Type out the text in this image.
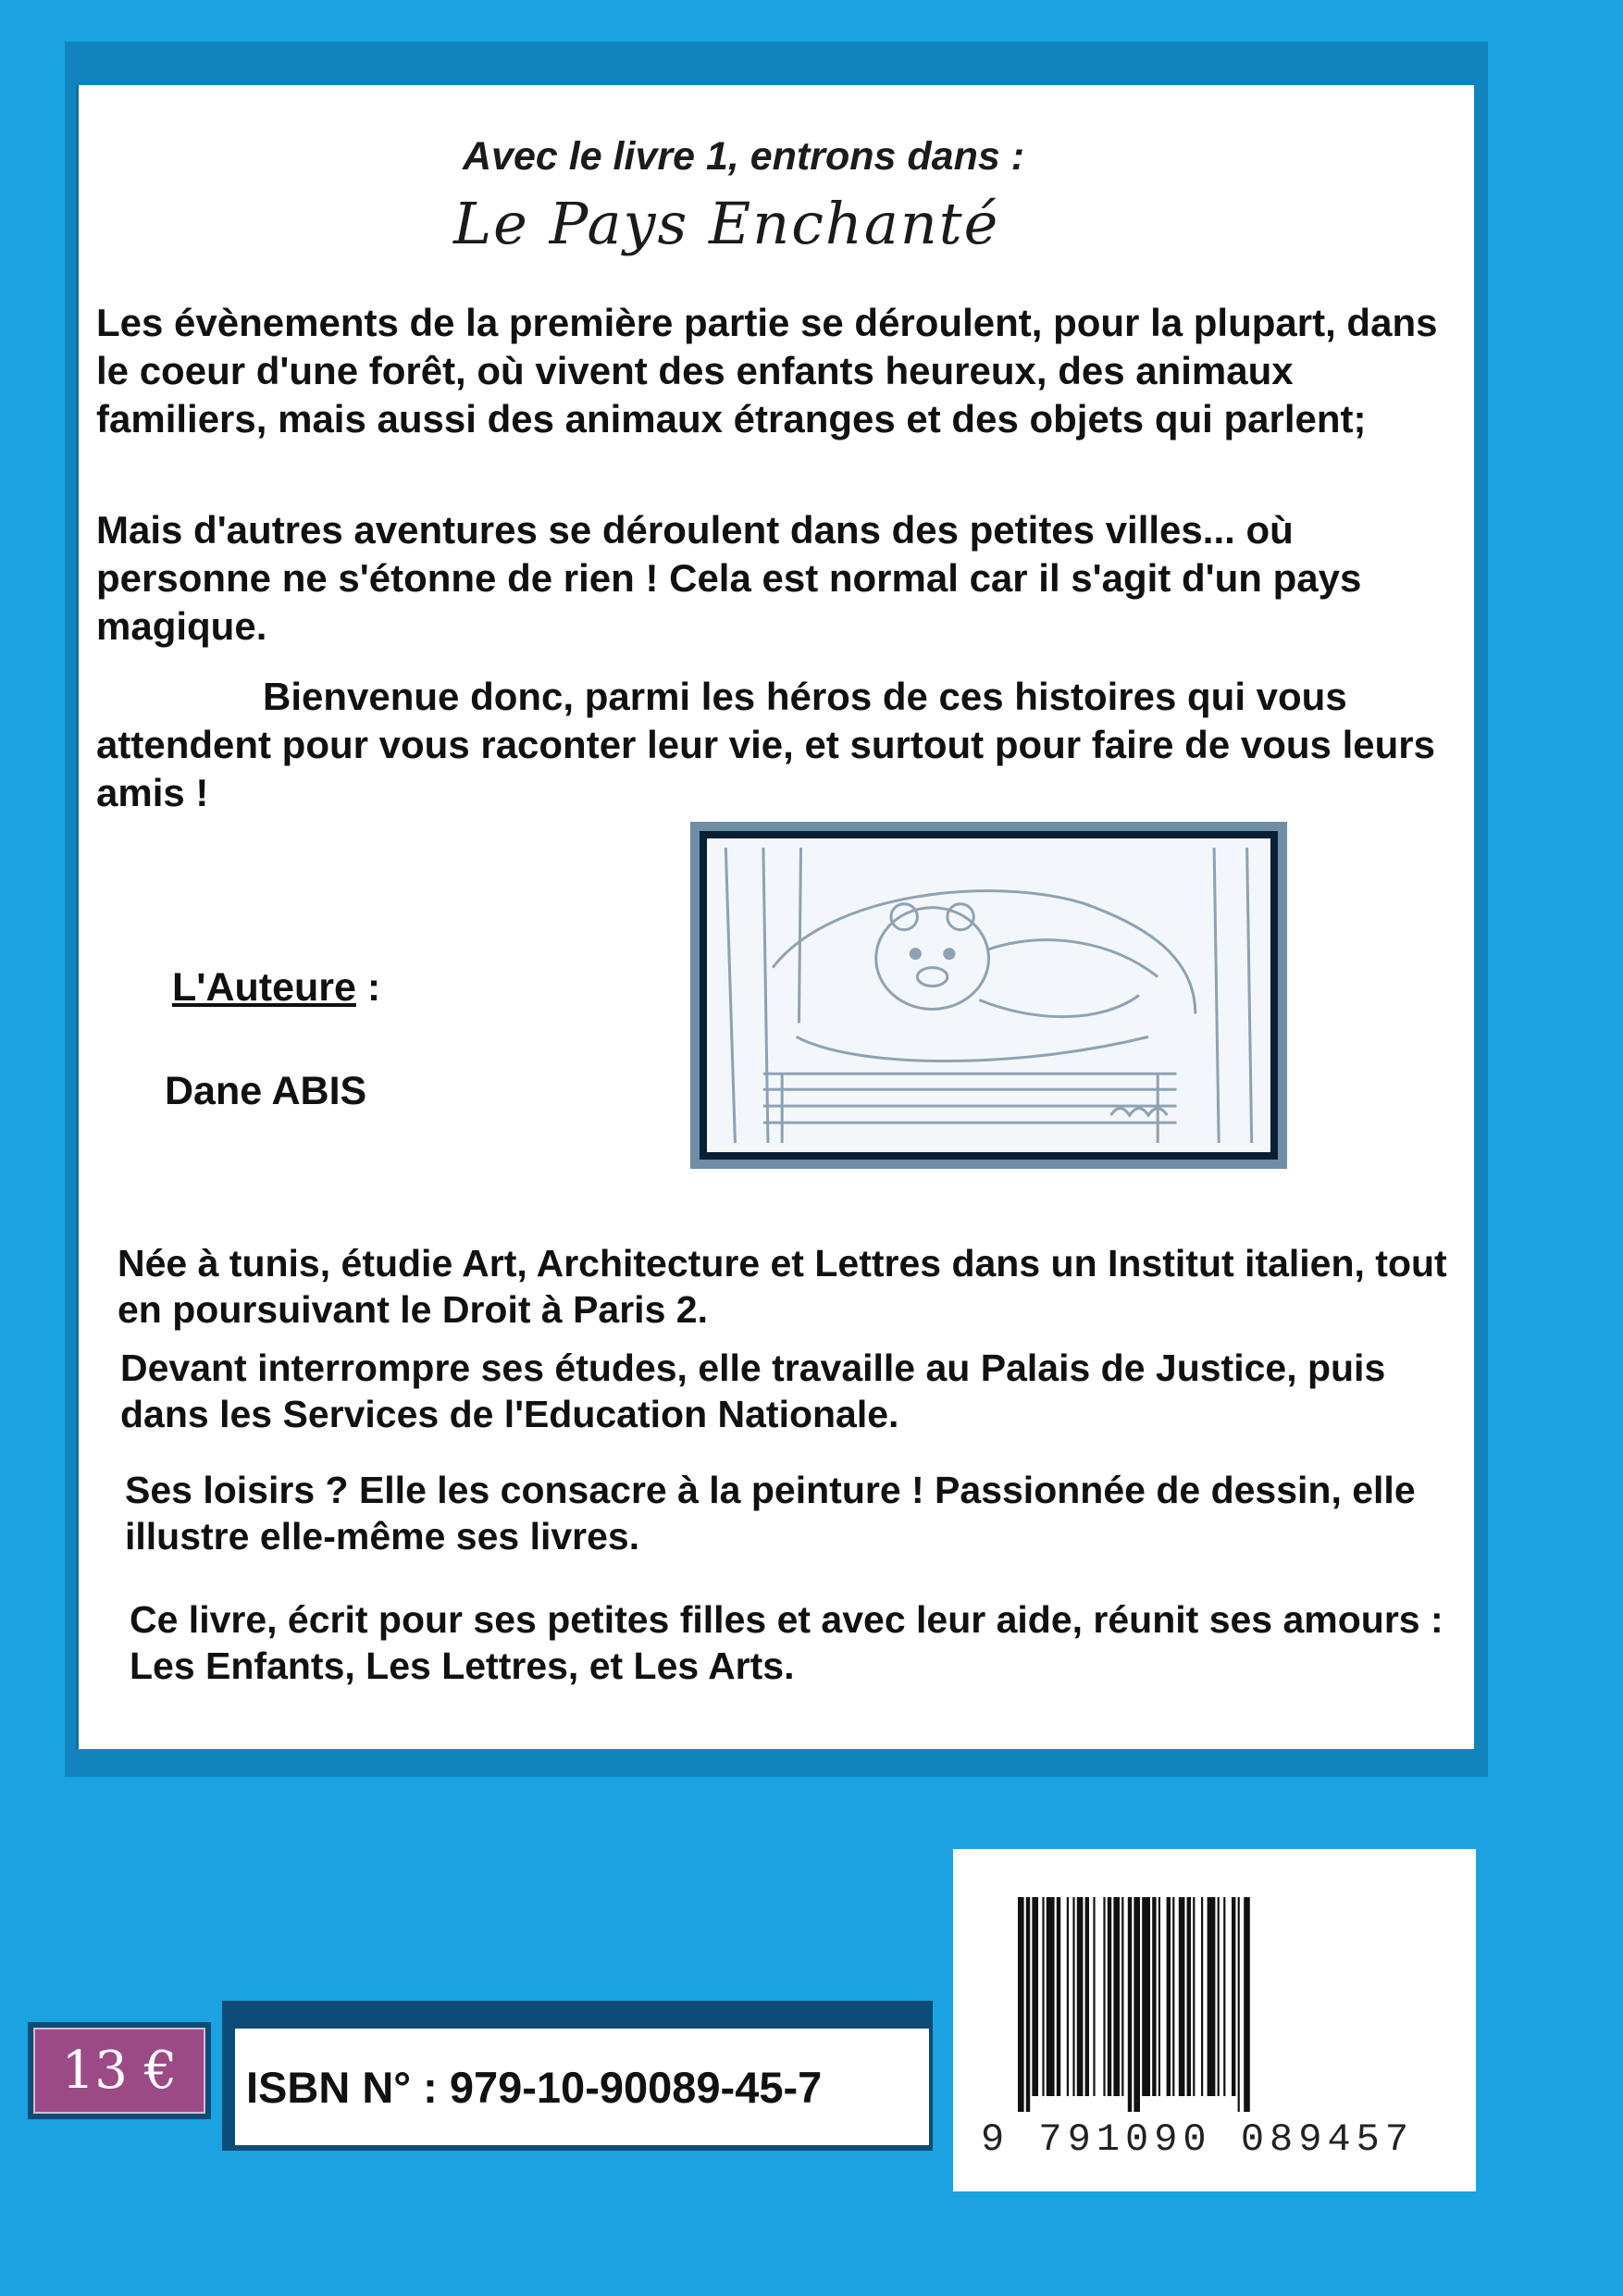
Avec le livre 1, entrons dans :
Le Pays Enchanté

Les évènements de la première partie se déroulent, pour la plupart, dans le coeur d'une forêt, où vivent des enfants heureux, des animaux familiers, mais aussi des animaux étranges et des objets qui parlent;

Mais d'autres aventures se déroulent dans des petites villes... où personne ne s'étonne de rien ! Cela est normal car il s'agit d'un pays magique.

Bienvenue donc, parmi les héros de ces histoires qui vous attendent pour vous raconter leur vie, et surtout pour faire de vous leurs amis !

L'Auteure :
Dane ABIS

Née à tunis, étudie Art, Architecture et Lettres dans un Institut italien, tout en poursuivant le Droit à Paris 2.

Devant interrompre ses études, elle travaille au Palais de Justice, puis dans les Services de l'Education Nationale.

Ses loisirs ? Elle les consacre à la peinture ! Passionnée de dessin, elle illustre elle-même ses livres.

Ce livre, écrit pour ses petites filles et avec leur aide, réunit ses amours : Les Enfants, Les Lettres, et Les Arts.

9 791090 089457
13 €	ISBN N° : 979-10-90089-45-7
